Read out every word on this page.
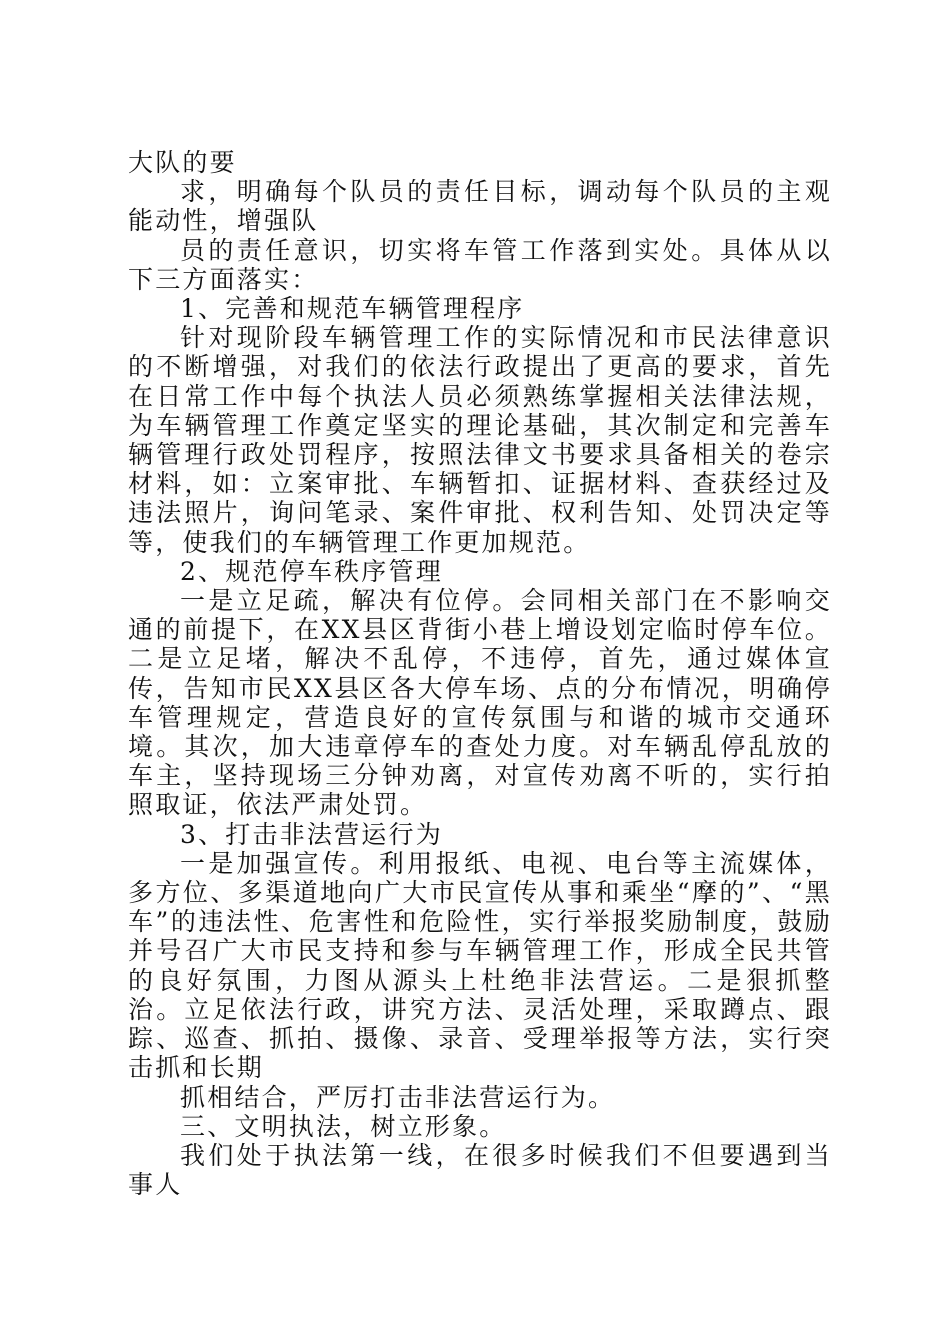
大队的要

求，明确每个队员的责任目标，调动每个队员的主观能动性，增强队

员的责任意识，切实将车管工作落到实处。具体从以下三方面落实：

1、完善和规范车辆管理程序

针对现阶段车辆管理工作的实际情况和市民法律意识的不断增强，对我们的依法行政提出了更高的要求，首先在日常工作中每个执法人员必须熟练掌握相关法律法规，为车辆管理工作奠定坚实的理论基础，其次制定和完善车辆管理行政处罚程序，按照法律文书要求具备相关的卷宗材料，如：立案审批、车辆暂扣、证据材料、查获经过及违法照片，询问笔录、案件审批、权利告知、处罚决定等等，使我们的车辆管理工作更加规范。

2、规范停车秩序管理

一是立足疏，解决有位停。会同相关部门在不影响交通的前提下，在XX县区背街小巷上增设划定临时停车位。二是立足堵，解决不乱停，不违停，首先，通过媒体宣传，告知市民XX县区各大停车场、点的分布情况，明确停车管理规定，营造良好的宣传氛围与和谐的城市交通环境。其次，加大违章停车的查处力度。对车辆乱停乱放的车主，坚持现场三分钟劝离，对宣传劝离不听的，实行拍照取证，依法严肃处罚。

3、打击非法营运行为

一是加强宣传。利用报纸、电视、电台等主流媒体，多方位、多渠道地向广大市民宣传从事和乘坐“摩的”、“黑车”的违法性、危害性和危险性，实行举报奖励制度，鼓励并号召广大市民支持和参与车辆管理工作，形成全民共管的良好氛围，力图从源头上杜绝非法营运。二是狠抓整治。立足依法行政，讲究方法、灵活处理，采取蹲点、跟踪、巡查、抓拍、摄像、录音、受理举报等方法，实行突击抓和长期

抓相结合，严厉打击非法营运行为。

三、文明执法，树立形象。

我们处于执法第一线，在很多时候我们不但要遇到当事人
